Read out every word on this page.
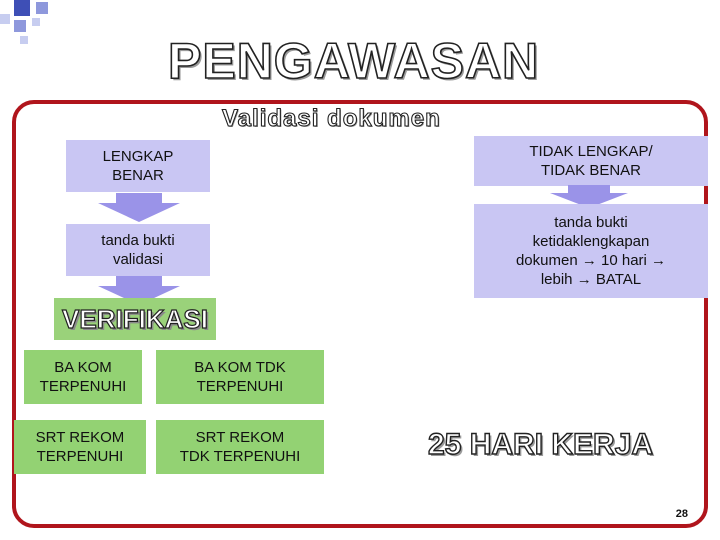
PENGAWASAN
Validasi dokumen
LENGKAP
BENAR
tanda bukti
validasi
TIDAK LENGKAP/
TIDAK BENAR
tanda bukti
ketidaklengkapan
dokumen → 10 hari →
lebih → BATAL
VERIFIKASI
BA KOM
TERPENUHI
BA KOM TDK
TERPENUHI
SRT REKOM
TERPENUHI
SRT REKOM
TDK TERPENUHI	25 HARI KERJA
28
